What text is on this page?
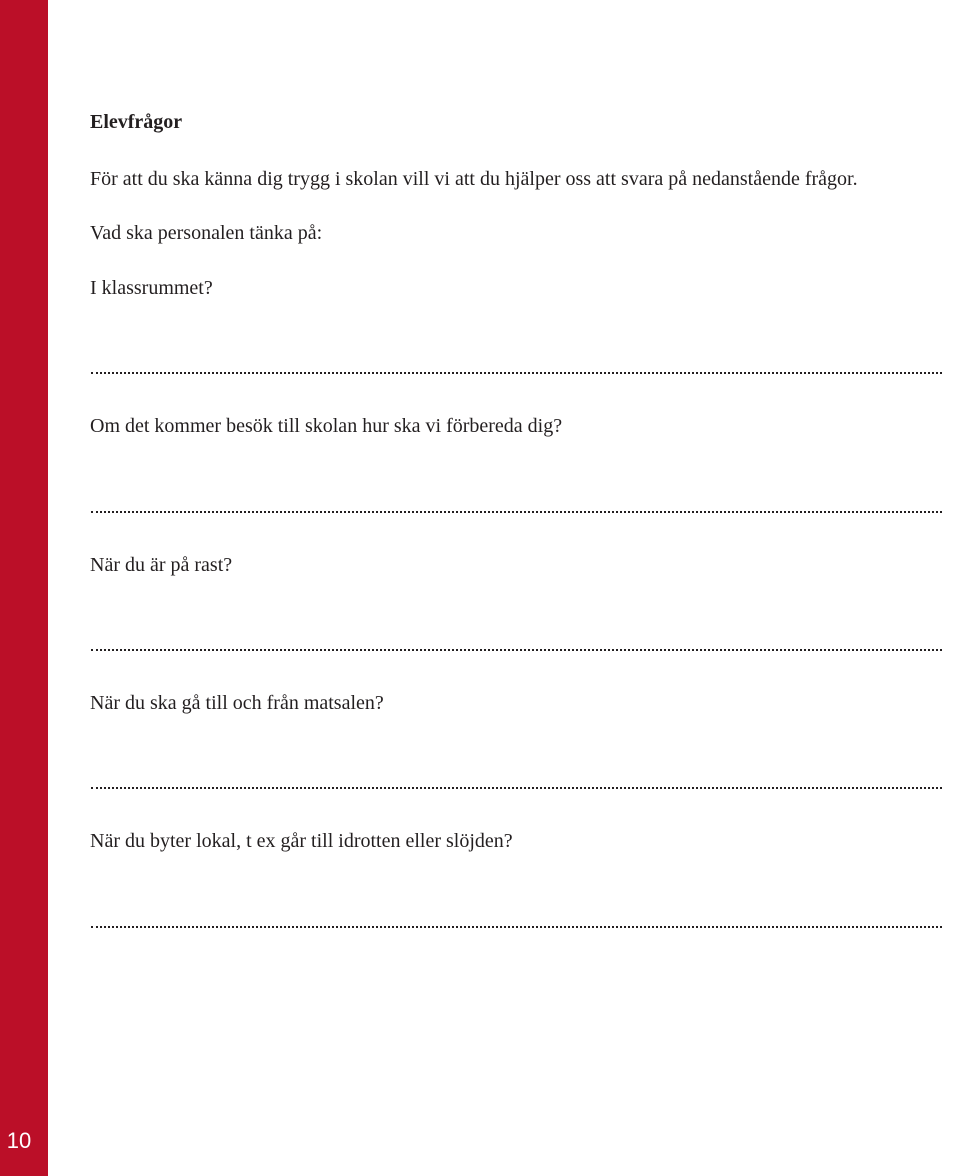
10
Elevfrågor
För att du ska känna dig trygg i skolan vill vi att du hjälper oss att svara på nedanstående frågor.
Vad ska personalen tänka på:
I klassrummet?
Om det kommer besök till skolan hur ska vi förbereda dig?
När du är på rast?
När du ska gå till och från matsalen?
När du byter lokal, t ex går till idrotten eller slöjden?
